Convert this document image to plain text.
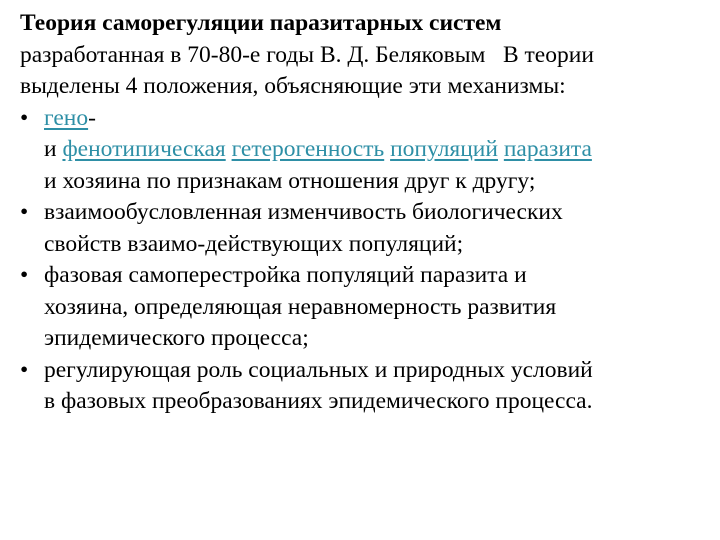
Теория саморегуляции паразитарных систем
разработанная в 70-80-е годы В. Д. Беляковым   В теории
выделены 4 положения, объясняющие эти механизмы:
• гено-
и фенотипическая гетерогенность популяций паразита
и хозяина по признакам отношения друг к другу;
• взаимообусловленная изменчивость биологических
свойств взаимо-действующих популяций;
• фазовая самоперестройка популяций паразита и
хозяина, определяющая неравномерность развития
эпидемического процесса;
• регулирующая роль социальных и природных условий
в фазовых преобразованиях эпидемического процесса.
